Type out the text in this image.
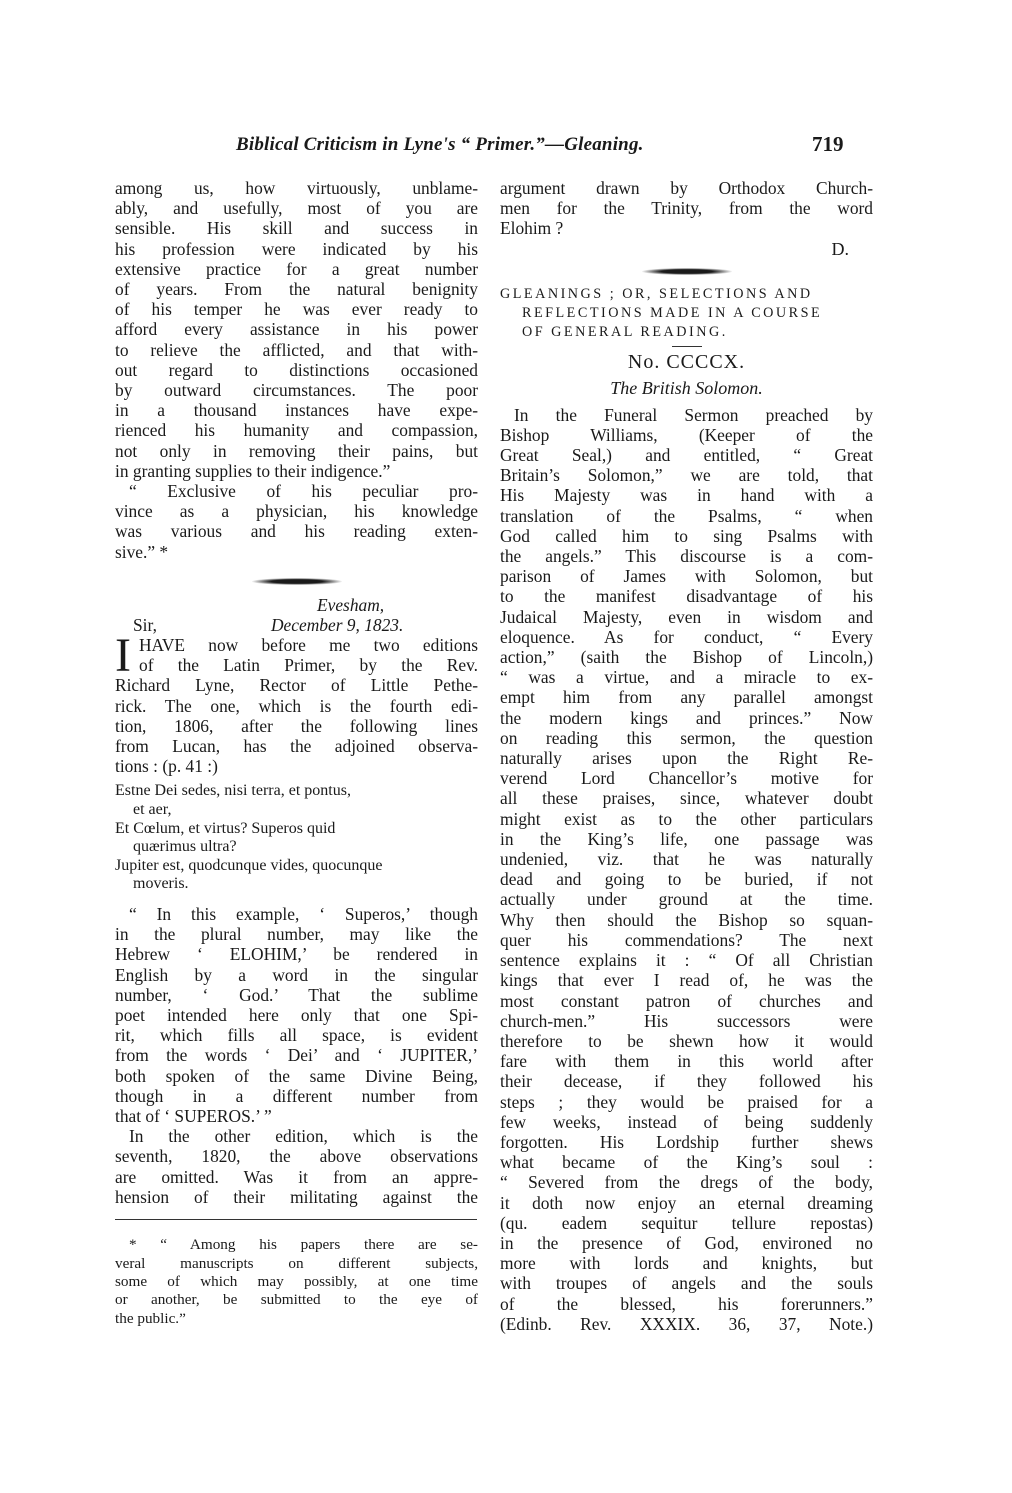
Biblical Criticism in Lyne's “ Primer.”—Gleaning.	719
among us, how virtuously, unblame-
ably, and usefully, most of you are
sensible. His skill and success in
his profession were indicated by his
extensive practice for a great number
of years. From the natural benignity
of his temper he was ever ready to
afford every assistance in his power
to relieve the afflicted, and that with-
out regard to distinctions occasioned
by outward circumstances. The poor
in a thousand instances have expe-
rienced his humanity and compassion,
not only in removing their pains, but
in granting supplies to their indigence.”
“ Exclusive of his peculiar pro-
vince as a physician, his knowledge
was various and his reading exten-
sive.” *
Evesham,
Sir,	December 9, 1823.
I HAVE now before me two editions
of the Latin Primer, by the Rev.
Richard Lyne, Rector of Little Pethe-
rick. The one, which is the fourth edi-
tion, 1806, after the following lines
from Lucan, has the adjoined observa-
tions : (p. 41 :)
Estne Dei sedes, nisi terra, et pontus,
et aer,
Et Cœlum, et virtus? Superos quid
quærimus ultra?
Jupiter est, quodcunque vides, quocunque
moveris.
“ In this example, ‘ Superos,’ though
in the plural number, may like the
Hebrew ‘ ELOHIM,’ be rendered in
English by a word in the singular
number, ‘ God.’ That the sublime
poet intended here only that one Spi-
rit, which fills all space, is evident
from the words ‘ Dei’ and ‘ JUPITER,’
both spoken of the same Divine Being,
though in a different number from
that of ‘ SUPEROS.’ ”
In the other edition, which is the
seventh, 1820, the above observations
are omitted. Was it from an appre-
hension of their militating against the
* “ Among his papers there are se-
veral manuscripts on different subjects,
some of which may possibly, at one time
or another, be submitted to the eye of
the public.”
argument drawn by Orthodox Church-
men for the Trinity, from the word
Elohim ?
D.
GLEANINGS ; OR, SELECTIONS AND
REFLECTIONS MADE IN A COURSE
OF GENERAL READING.
No. CCCCX.
The British Solomon.
In the Funeral Sermon preached by
Bishop Williams, (Keeper of the
Great Seal,) and entitled, “ Great
Britain’s Solomon,” we are told, that
His Majesty was in hand with a
translation of the Psalms, “ when
God called him to sing Psalms with
the angels.” This discourse is a com-
parison of James with Solomon, but
to the manifest disadvantage of his
Judaical Majesty, even in wisdom and
eloquence. As for conduct, “ Every
action,” (saith the Bishop of Lincoln,)
“ was a virtue, and a miracle to ex-
empt him from any parallel amongst
the modern kings and princes.” Now
on reading this sermon, the question
naturally arises upon the Right Re-
verend Lord Chancellor’s motive for
all these praises, since, whatever doubt
might exist as to the other particulars
in the King’s life, one passage was
undenied, viz. that he was naturally
dead and going to be buried, if not
actually under ground at the time.
Why then should the Bishop so squan-
quer his commendations? The next
sentence explains it : “ Of all Christian
kings that ever I read of, he was the
most constant patron of churches and
church-men.” His successors were
therefore to be shewn how it would
fare with them in this world after
their decease, if they followed his
steps ; they would be praised for a
few weeks, instead of being suddenly
forgotten. His Lordship further shews
what became of the King’s soul :
“ Severed from the dregs of the body,
it doth now enjoy an eternal dreaming
(qu. eadem sequitur tellure repostas)
in the presence of God, environed no
more with lords and knights, but
with troupes of angels and the souls
of the blessed, his forerunners.”
(Edinb. Rev. XXXIX. 36, 37, Note.)
